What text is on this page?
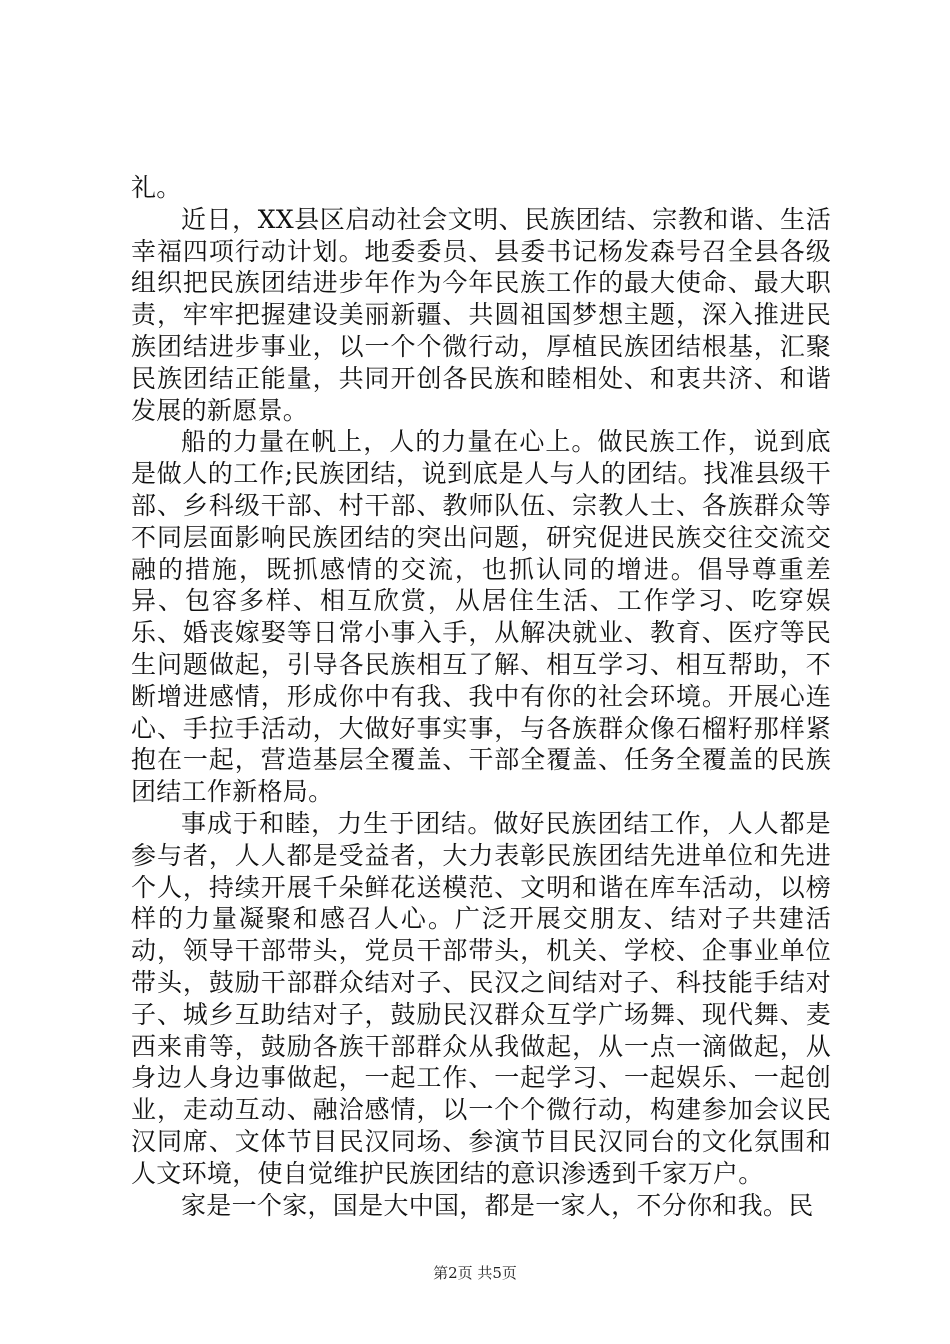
礼。

近日，XX县区启动社会文明、民族团结、宗教和谐、生活幸福四项行动计划。地委委员、县委书记杨发森号召全县各级组织把民族团结进步年作为今年民族工作的最大使命、最大职责，牢牢把握建设美丽新疆、共圆祖国梦想主题，深入推进民族团结进步事业，以一个个微行动，厚植民族团结根基，汇聚民族团结正能量，共同开创各民族和睦相处、和衷共济、和谐发展的新愿景。

船的力量在帆上，人的力量在心上。做民族工作，说到底是做人的工作;民族团结，说到底是人与人的团结。找准县级干部、乡科级干部、村干部、教师队伍、宗教人士、各族群众等不同层面影响民族团结的突出问题，研究促进民族交往交流交融的措施，既抓感情的交流，也抓认同的增进。倡导尊重差异、包容多样、相互欣赏，从居住生活、工作学习、吃穿娱乐、婚丧嫁娶等日常小事入手，从解决就业、教育、医疗等民生问题做起，引导各民族相互了解、相互学习、相互帮助，不断增进感情，形成你中有我、我中有你的社会环境。开展心连心、手拉手活动，大做好事实事，与各族群众像石榴籽那样紧抱在一起，营造基层全覆盖、干部全覆盖、任务全覆盖的民族团结工作新格局。

事成于和睦，力生于团结。做好民族团结工作，人人都是参与者，人人都是受益者，大力表彰民族团结先进单位和先进个人，持续开展千朵鲜花送模范、文明和谐在库车活动，以榜样的力量凝聚和感召人心。广泛开展交朋友、结对子共建活动，领导干部带头，党员干部带头，机关、学校、企事业单位带头，鼓励干部群众结对子、民汉之间结对子、科技能手结对子、城乡互助结对子，鼓励民汉群众互学广场舞、现代舞、麦西来甫等，鼓励各族干部群众从我做起，从一点一滴做起，从身边人身边事做起，一起工作、一起学习、一起娱乐、一起创业，走动互动、融洽感情，以一个个微行动，构建参加会议民汉同席、文体节目民汉同场、参演节目民汉同台的文化氛围和人文环境，使自觉维护民族团结的意识渗透到千家万户。

家是一个家，国是大中国，都是一家人，不分你和我。民

第2页 共5页
